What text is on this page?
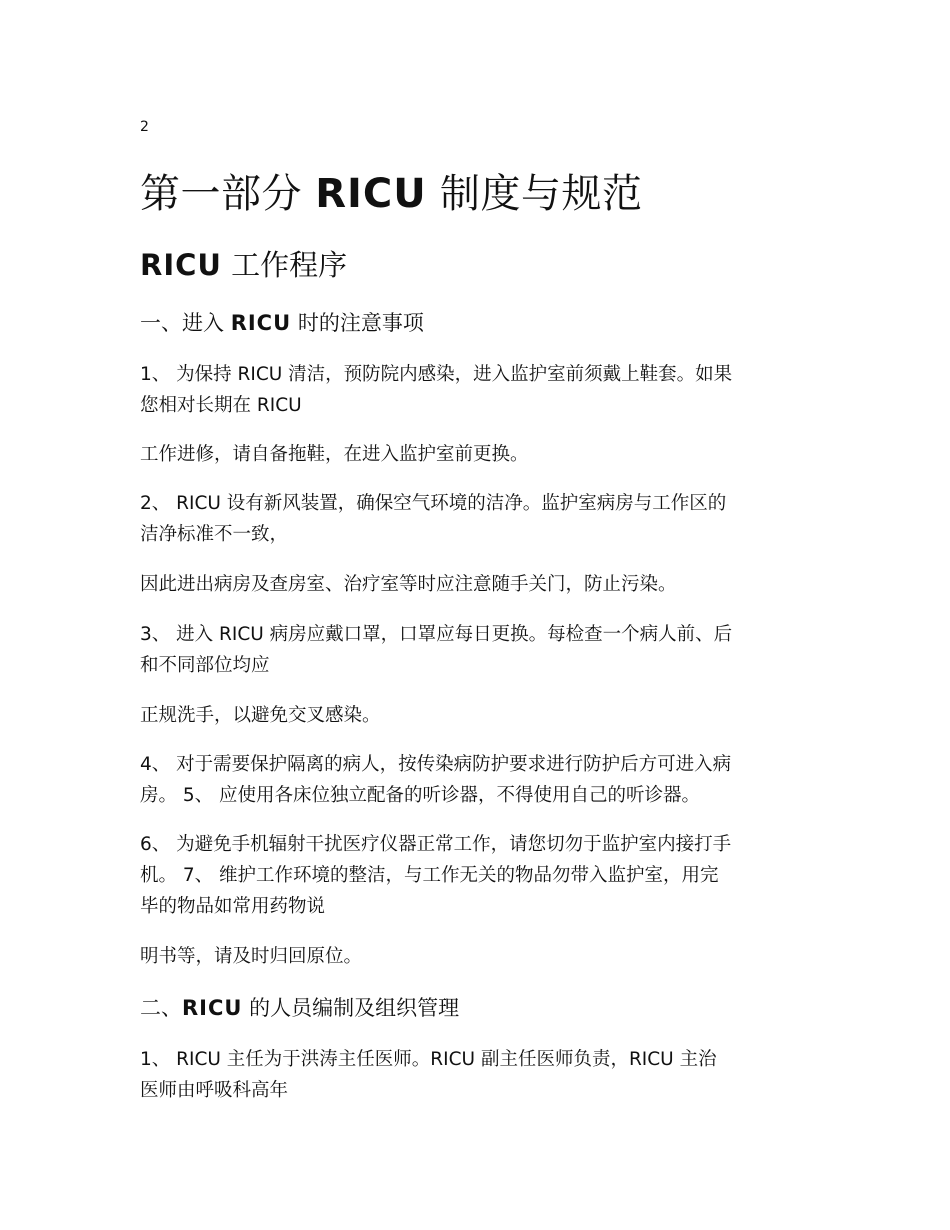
2
第一部分 RICU 制度与规范
RICU 工作程序
一、进入 RICU 时的注意事项
1、 为保持 RICU 清洁，预防院内感染，进入监护室前须戴上鞋套。如果
您相对长期在 RICU
工作进修，请自备拖鞋，在进入监护室前更换。
2、 RICU 设有新风装置，确保空气环境的洁净。监护室病房与工作区的
洁净标准不一致，
因此进出病房及查房室、治疗室等时应注意随手关门，防止污染。
3、 进入 RICU 病房应戴口罩，口罩应每日更换。每检查一个病人前、后
和不同部位均应
正规洗手，以避免交叉感染。
4、 对于需要保护隔离的病人，按传染病防护要求进行防护后方可进入病
房。 5、 应使用各床位独立配备的听诊器，不得使用自己的听诊器。
6、 为避免手机辐射干扰医疗仪器正常工作，请您切勿于监护室内接打手
机。 7、 维护工作环境的整洁，与工作无关的物品勿带入监护室，用完
毕的物品如常用药物说
明书等，请及时归回原位。
二、RICU 的人员编制及组织管理
1、 RICU 主任为于洪涛主任医师。RICU 副主任医师负责，RICU 主治
医师由呼吸科高年
